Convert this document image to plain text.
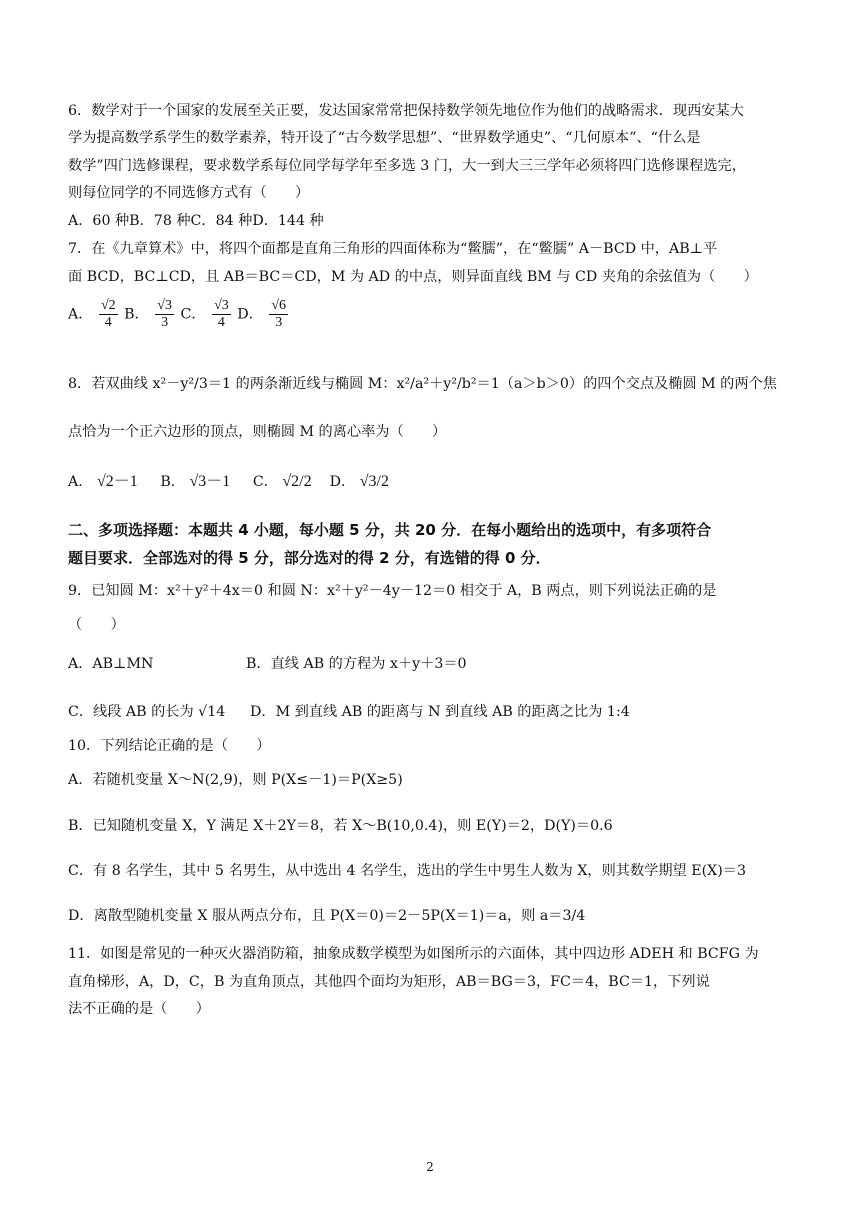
6．数学对于一个国家的发展至关正要，发达国家常常把保持数学领先地位作为他们的战略需求．现西安某大
学为提高数学系学生的数学素养，特开设了“古今数学思想”、“世界数学通史”、“几何原本”、“什么是
数学”四门选修课程，要求数学系每位同学每学年至多选 3 门，大一到大三三学年必须将四门选修课程选完，
则每位同学的不同选修方式有（　　）
A．60 种B．78 种C．84 种D．144 种
7．在《九章算术》中，将四个面都是直角三角形的四面体称为“鳖臑”，在“鳖臑” A－BCD 中，AB⊥平
面 BCD，BC⊥CD，且 AB＝BC＝CD，M 为 AD 的中点，则异面直线 BM 与 CD 夹角的余弦值为（　　）
A． $\frac{√2}{4}$ B． $\frac{√3}{3}$ C． $\frac{√3}{4}$ D． $\frac{√6}{3}$
8．若双曲线 x²－y²/3＝1 的两条渐近线与椭圆 M：x²/a²＋y²/b²＝1（a＞b＞0）的四个交点及椭圆 M 的两个焦
点恰为一个正六边形的顶点，则椭圆 M 的离心率为（　　）
A． √2－1 B． √3－1 C． √2/2 D． √3/2
二、多项选择题：本题共 4 小题，每小题 5 分，共 20 分．在每小题给出的选项中，有多项符合
题目要求．全部选对的得 5 分，部分选对的得 2 分，有选错的得 0 分．
9．已知圆 M：x²＋y²＋4x＝0 和圆 N：x²＋y²－4y－12＝0 相交于 A，B 两点，则下列说法正确的是
（　　）
A．AB⊥MN	B．直线 AB 的方程为 x＋y＋3＝0
C．线段 AB 的长为 √14 D．M 到直线 AB 的距离与 N 到直线 AB 的距离之比为 1:4
10．下列结论正确的是（　　）
A．若随机变量 X～N(2,9)，则 P(X≤－1)＝P(X≥5)
B．已知随机变量 X，Y 满足 X＋2Y＝8，若 X～B(10,0.4)，则 E(Y)＝2，D(Y)＝0.6
C．有 8 名学生，其中 5 名男生，从中选出 4 名学生，选出的学生中男生人数为 X，则其数学期望 E(X)＝3
D．离散型随机变量 X 服从两点分布，且 P(X＝0)＝2－5P(X＝1)＝a，则 a＝3/4
11．如图是常见的一种灭火器消防箱，抽象成数学模型为如图所示的六面体，其中四边形 ADEH 和 BCFG 为
直角梯形，A，D，C，B 为直角顶点，其他四个面均为矩形，AB＝BG＝3，FC＝4，BC＝1，下列说
法不正确的是（　　）
2
